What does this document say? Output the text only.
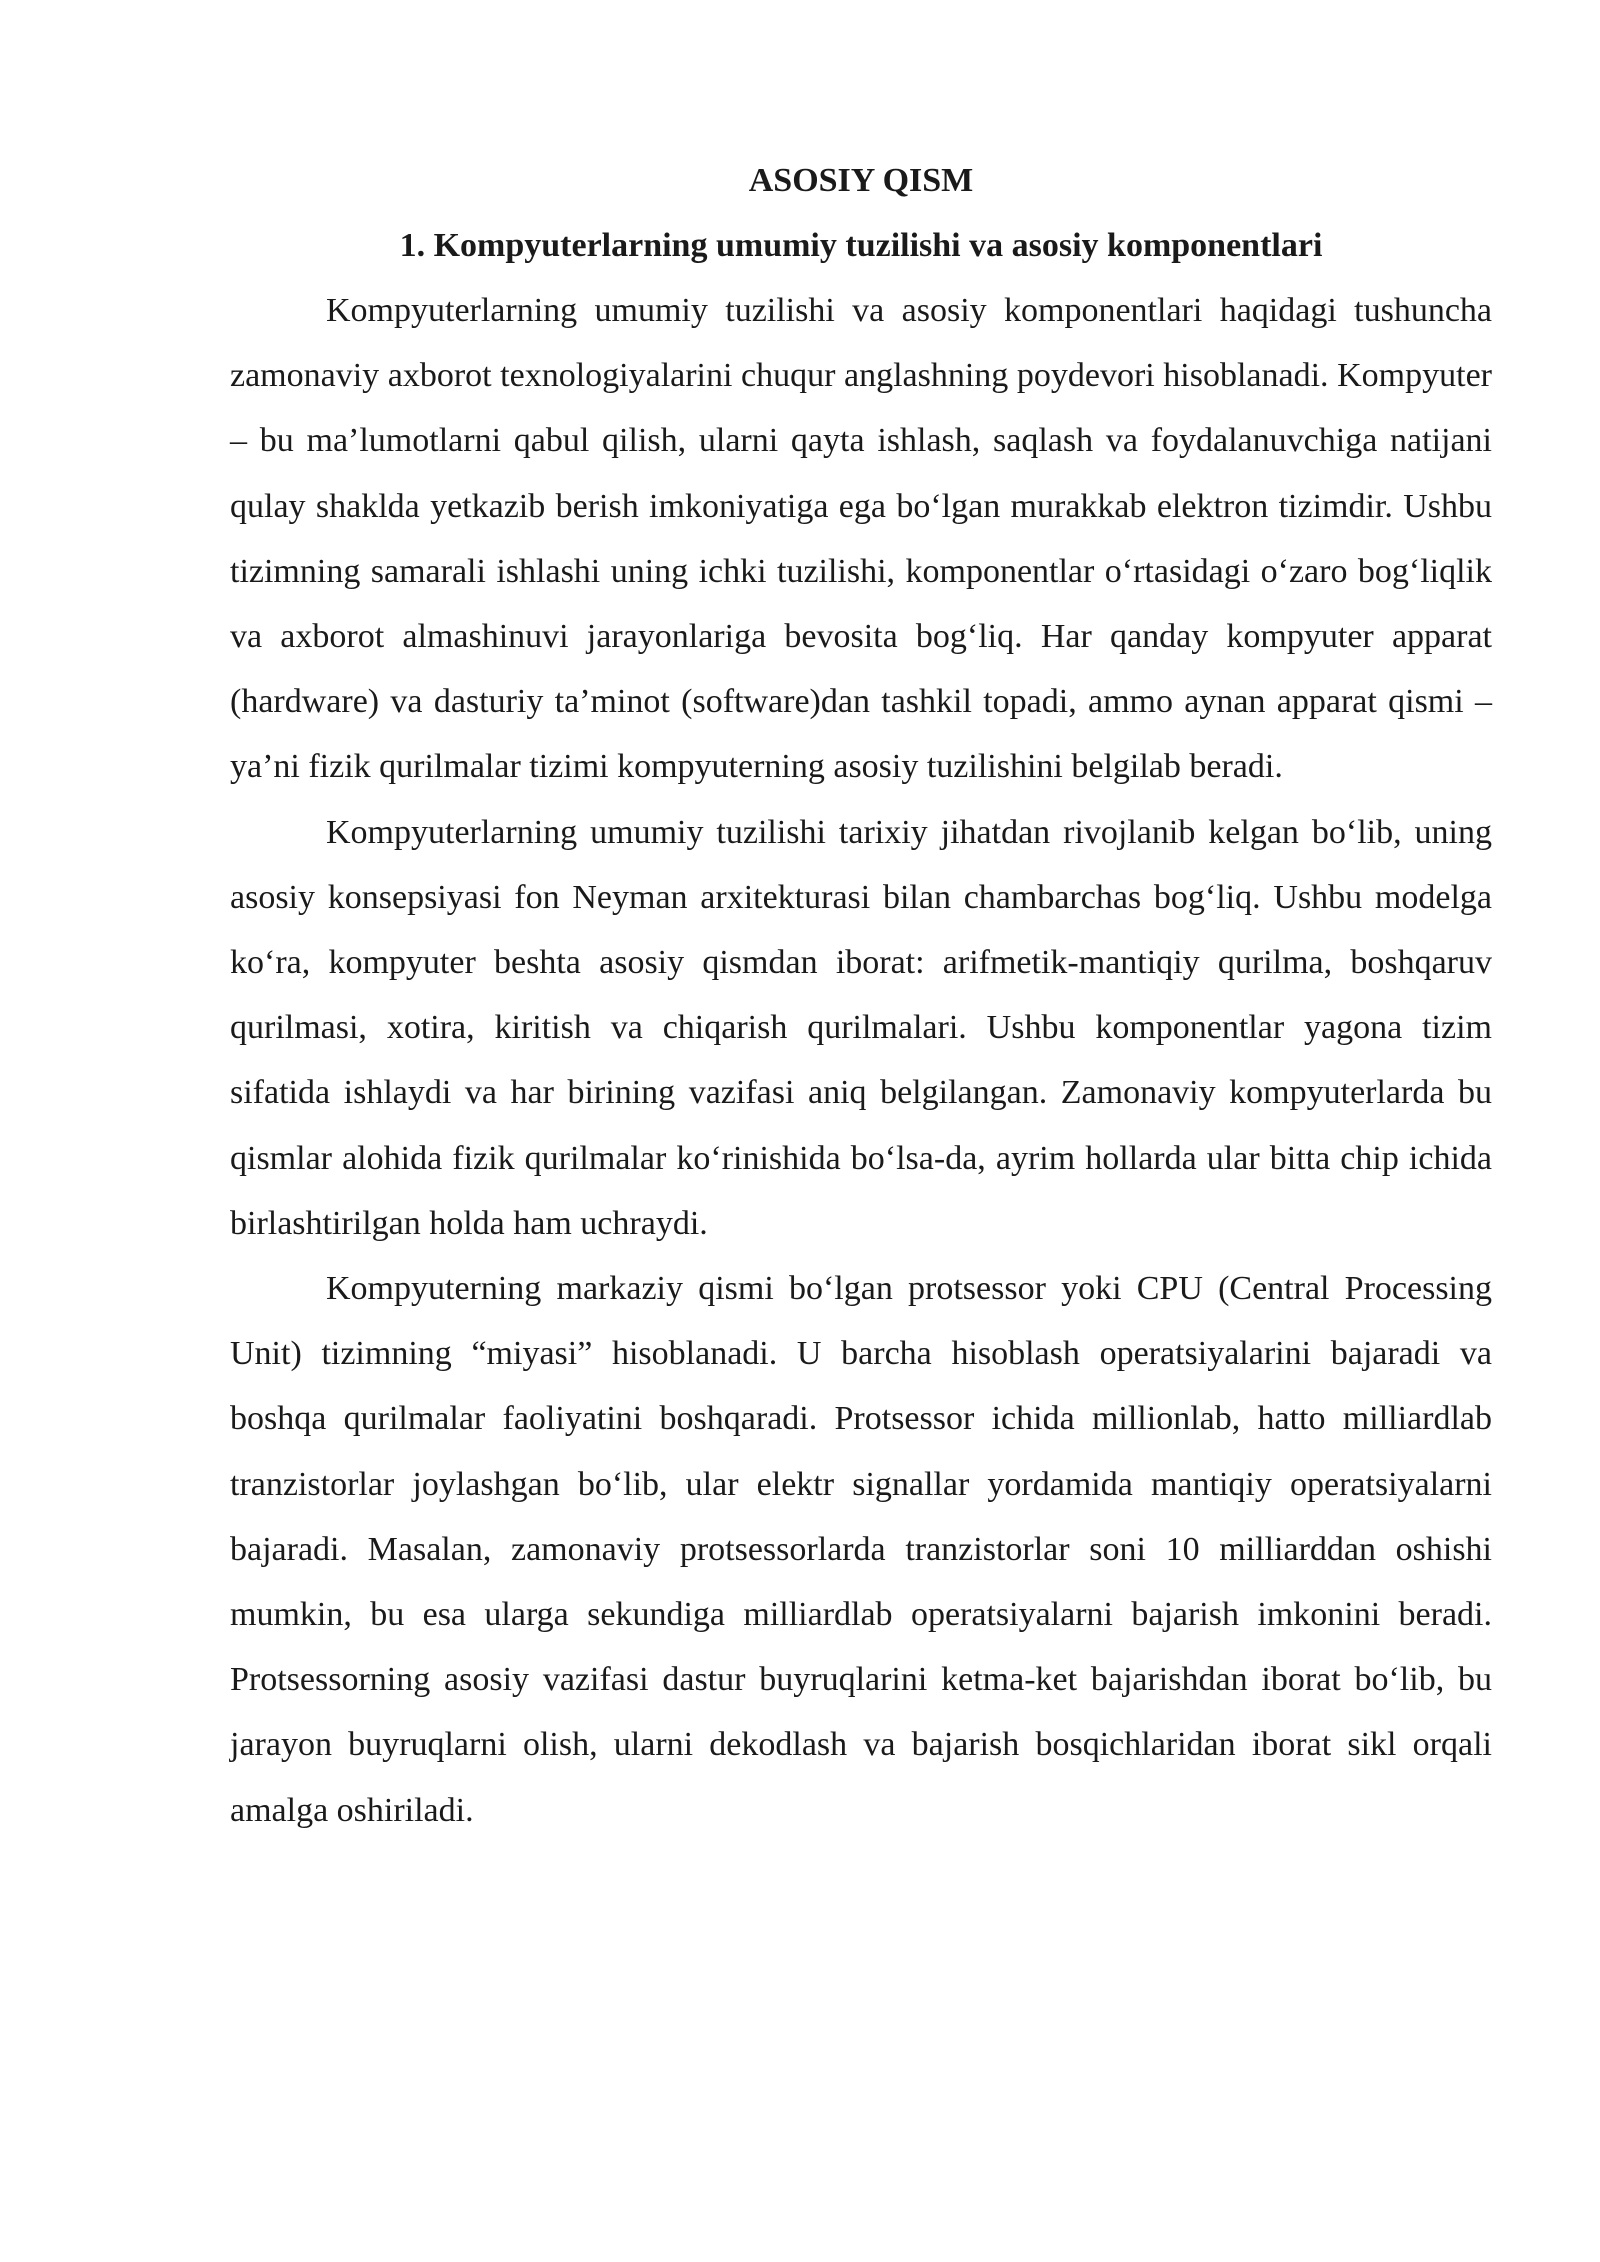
ASOSIY QISM
1. Kompyuterlarning umumiy tuzilishi va asosiy komponentlari

Kompyuterlarning umumiy tuzilishi va asosiy komponentlari haqidagi tushuncha zamonaviy axborot texnologiyalarini chuqur anglashning poydevori hisoblanadi. Kompyuter – bu ma’lumotlarni qabul qilish, ularni qayta ishlash, saqlash va foydalanuvchiga natijani qulay shaklda yetkazib berish imkoniyatiga ega bo‘lgan murakkab elektron tizimdir. Ushbu tizimning samarali ishlashi uning ichki tuzilishi, komponentlar o‘rtasidagi o‘zaro bog‘liqlik va axborot almashinuvi jarayonlariga bevosita bog‘liq. Har qanday kompyuter apparat (hardware) va dasturiy ta’minot (software)dan tashkil topadi, ammo aynan apparat qismi – ya’ni fizik qurilmalar tizimi kompyuterning asosiy tuzilishini belgilab beradi.

Kompyuterlarning umumiy tuzilishi tarixiy jihatdan rivojlanib kelgan bo‘lib, uning asosiy konsepsiyasi fon Neyman arxitekturasi bilan chambarchas bog‘liq. Ushbu modelga ko‘ra, kompyuter beshta asosiy qismdan iborat: arifmetik-mantiqiy qurilma, boshqaruv qurilmasi, xotira, kiritish va chiqarish qurilmalari. Ushbu komponentlar yagona tizim sifatida ishlaydi va har birining vazifasi aniq belgilangan. Zamonaviy kompyuterlarda bu qismlar alohida fizik qurilmalar ko‘rinishida bo‘lsa-da, ayrim hollarda ular bitta chip ichida birlashtirilgan holda ham uchraydi.

Kompyuterning markaziy qismi bo‘lgan protsessor yoki CPU (Central Processing Unit) tizimning “miyasi” hisoblanadi. U barcha hisoblash operatsiyalarini bajaradi va boshqa qurilmalar faoliyatini boshqaradi. Protsessor ichida millionlab, hatto milliardlab tranzistorlar joylashgan bo‘lib, ular elektr signallar yordamida mantiqiy operatsiyalarni bajaradi. Masalan, zamonaviy protsessorlarda tranzistorlar soni 10 milliarddan oshishi mumkin, bu esa ularga sekundiga milliardlab operatsiyalarni bajarish imkonini beradi. Protsessorning asosiy vazifasi dastur buyruqlarini ketma-ket bajarishdan iborat bo‘lib, bu jarayon buyruqlarni olish, ularni dekodlash va bajarish bosqichlaridan iborat sikl orqali amalga oshiriladi.
